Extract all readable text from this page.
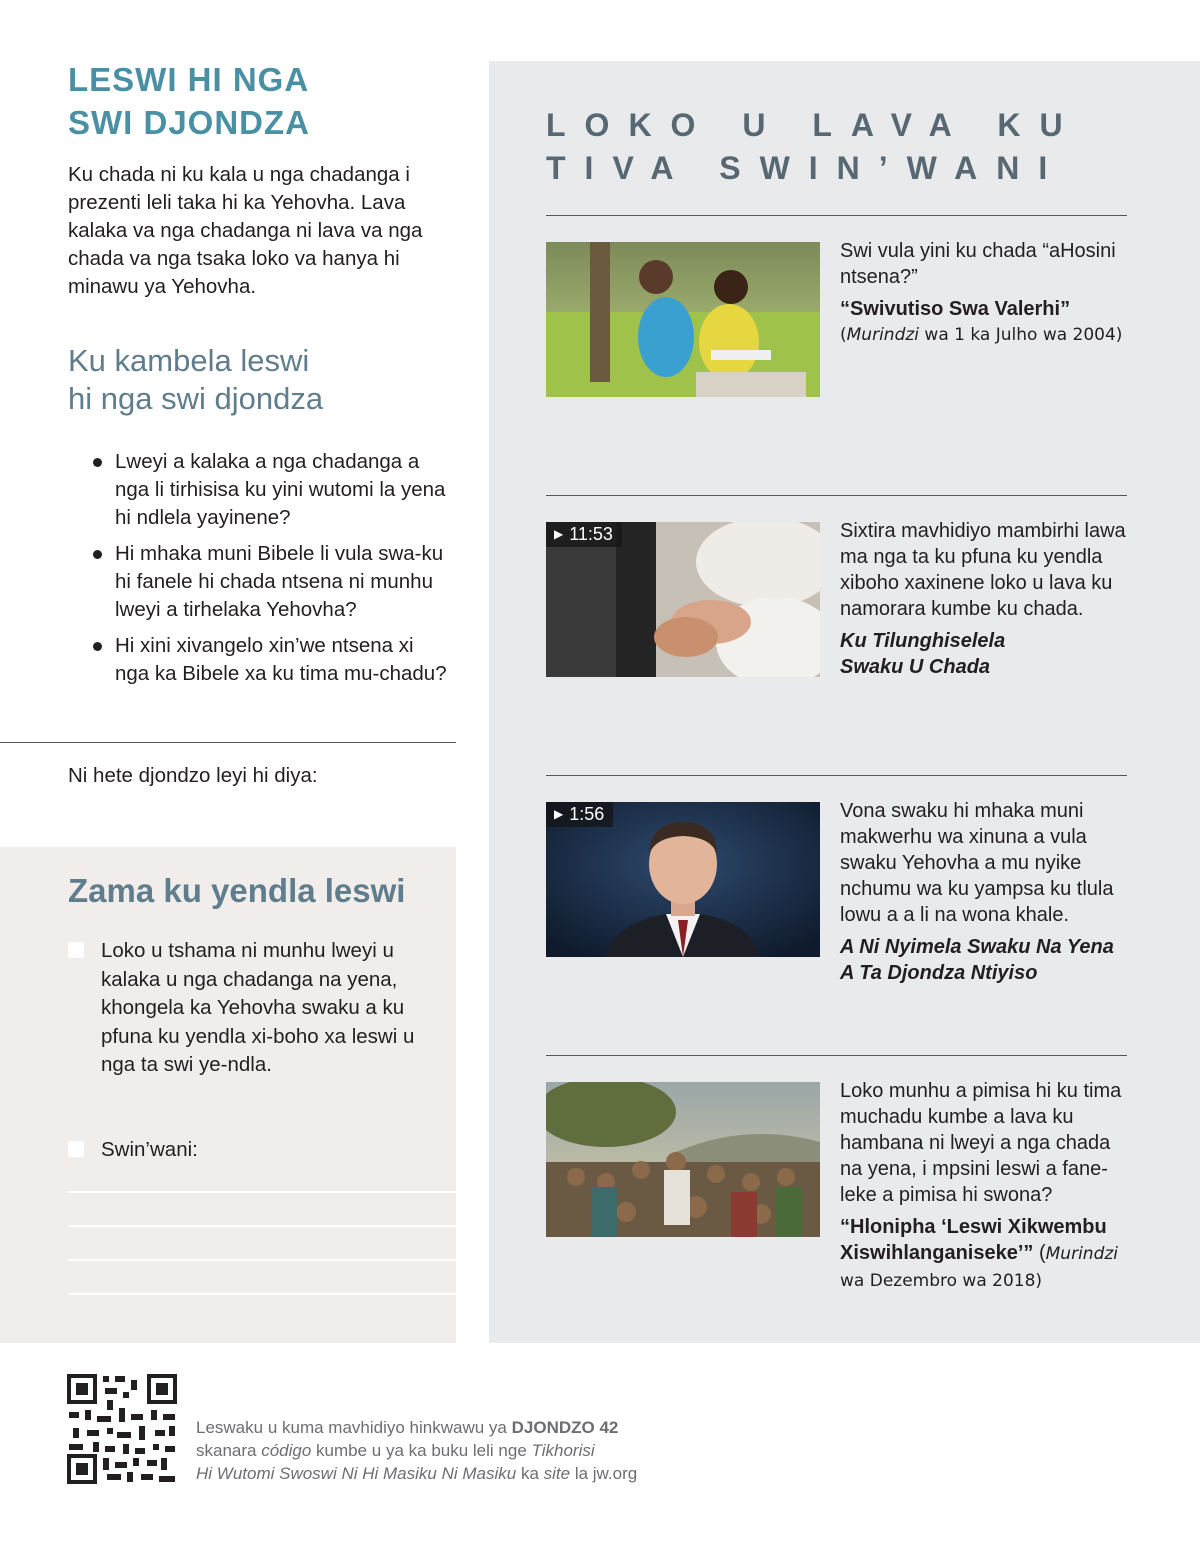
LESWI HI NGA
SWI DJONDZA

Ku chada ni ku kala u nga chadanga i prezenti leli taka hi ka Yehovha. Lava kalaka va nga chadanga ni lava va nga chada va nga tsaka loko va hanya hi minawu ya Yehovha.

Ku kambela leswi
hi nga swi djondza
Lweyi a kalaka a nga chadanga a nga li tirhisisa ku yini wutomi la yena hi ndlela yayinene?
Hi mhaka muni Bibele li vula swa-ku hi fanele hi chada ntsena ni munhu lweyi a tirhelaka Yehovha?
Hi xini xivangelo xin’we ntsena xi nga ka Bibele xa ku tima mu-chadu?
Ni hete djondzo leyi hi diya:
Zama ku yendla leswi
Loko u tshama ni munhu lweyi u kalaka u nga chadanga na yena, khongela ka Yehovha swaku a ku pfuna ku yendla xi-boho xa leswi u nga ta swi ye-ndla.
Swin’wani:
LOKO U LAVA KU
TIVA SWIN’WANI

Swi vula yini ku chada “aHosini ntsena?”

“Swivutiso Swa Valerhi”

(Murindzi wa 1 ka Julho wa 2004)

▶ 11:53	Sixtira mavhidiyo mambirhi lawa ma nga ta ku pfuna ku yendla xiboho xaxinene loko u lava ku namorara kumbe ku chada.

Ku Tilunghiselela
Swaku U Chada

▶ 1:56	Vona swaku hi mhaka muni makwerhu wa xinuna a vula swaku Yehovha a mu nyike nchumu wa ku yampsa ku tlula lowu a a li na wona khale.

A Ni Nyimela Swaku Na Yena
A Ta Djondza Ntiyiso

Loko munhu a pimisa hi ku tima muchadu kumbe a lava ku hambana ni lweyi a nga chada na yena, i mpsini leswi a fane-leke a pimisa hi swona?

“Hlonipha ‘Leswi Xikwembu Xiswihlanganiseke’” (Murindzi
wa Dezembro wa 2018)

Leswaku u kuma mavhidiyo hinkwawu ya DJONDZO 42
skanara código kumbe u ya ka buku leli nge Tikhorisi
Hi Wutomi Swoswi Ni Hi Masiku Ni Masiku ka site la jw.org
